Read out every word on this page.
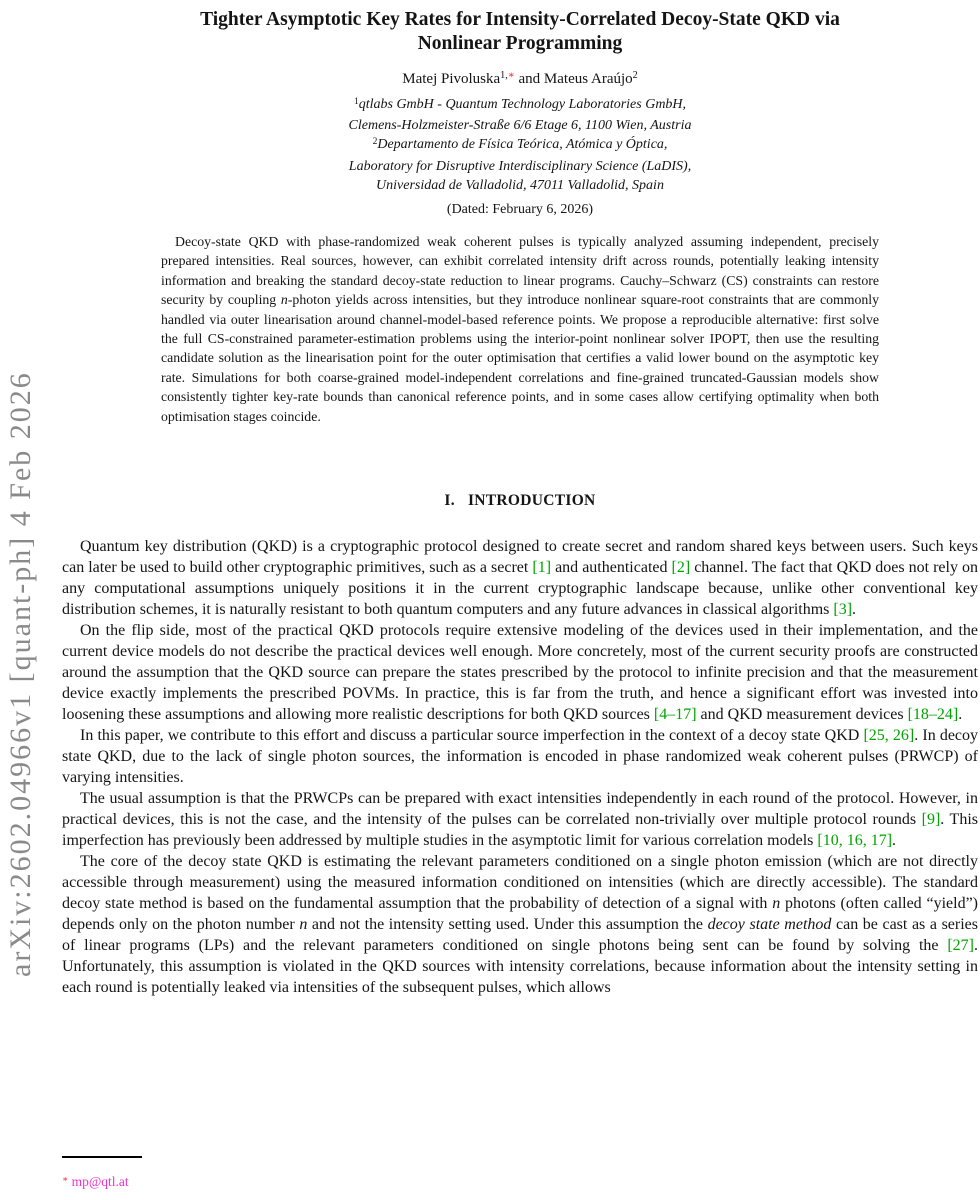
arXiv:2602.04966v1 [quant-ph] 4 Feb 2026
Tighter Asymptotic Key Rates for Intensity-Correlated Decoy-State QKD via
Nonlinear Programming
Matej Pivoluska$^{1,∗}$ and Mateus Araújo$^2$
$^1$qtlabs GmbH - Quantum Technology Laboratories GmbH,
Clemens-Holzmeister-Straße 6/6 Etage 6, 1100 Wien, Austria
$^2$Departamento de Física Teórica, Atómica y Óptica,
Laboratory for Disruptive Interdisciplinary Science (LaDIS),
Universidad de Valladolid, 47011 Valladolid, Spain
(Dated: February 6, 2026)
Decoy-state QKD with phase-randomized weak coherent pulses is typically analyzed assuming independent, precisely prepared intensities. Real sources, however, can exhibit correlated intensity drift across rounds, potentially leaking intensity information and breaking the standard decoy-state reduction to linear programs. Cauchy–Schwarz (CS) constraints can restore security by coupling n-photon yields across intensities, but they introduce nonlinear square-root constraints that are commonly handled via outer linearisation around channel-model-based reference points. We propose a reproducible alternative: first solve the full CS-constrained parameter-estimation problems using the interior-point nonlinear solver IPOPT, then use the resulting candidate solution as the linearisation point for the outer optimisation that certifies a valid lower bound on the asymptotic key rate. Simulations for both coarse-grained model-independent correlations and fine-grained truncated-Gaussian models show consistently tighter key-rate bounds than canonical reference points, and in some cases allow certifying optimality when both optimisation stages coincide.
I. INTRODUCTION

Quantum key distribution (QKD) is a cryptographic protocol designed to create secret and random shared keys between users. Such keys can later be used to build other cryptographic primitives, such as a secret [1] and authenticated [2] channel. The fact that QKD does not rely on any computational assumptions uniquely positions it in the current cryptographic landscape because, unlike other conventional key distribution schemes, it is naturally resistant to both quantum computers and any future advances in classical algorithms [3].

On the flip side, most of the practical QKD protocols require extensive modeling of the devices used in their implementation, and the current device models do not describe the practical devices well enough. More concretely, most of the current security proofs are constructed around the assumption that the QKD source can prepare the states prescribed by the protocol to infinite precision and that the measurement device exactly implements the prescribed POVMs. In practice, this is far from the truth, and hence a significant effort was invested into loosening these assumptions and allowing more realistic descriptions for both QKD sources [4–17] and QKD measurement devices [18–24].

In this paper, we contribute to this effort and discuss a particular source imperfection in the context of a decoy state QKD [25, 26]. In decoy state QKD, due to the lack of single photon sources, the information is encoded in phase randomized weak coherent pulses (PRWCP) of varying intensities.

The usual assumption is that the PRWCPs can be prepared with exact intensities independently in each round of the protocol. However, in practical devices, this is not the case, and the intensity of the pulses can be correlated non-trivially over multiple protocol rounds [9]. This imperfection has previously been addressed by multiple studies in the asymptotic limit for various correlation models [10, 16, 17].

The core of the decoy state QKD is estimating the relevant parameters conditioned on a single photon emission (which are not directly accessible through measurement) using the measured information conditioned on intensities (which are directly accessible). The standard decoy state method is based on the fundamental assumption that the probability of detection of a signal with n photons (often called “yield”) depends only on the photon number n and not the intensity setting used. Under this assumption the decoy state method can be cast as a series of linear programs (LPs) and the relevant parameters conditioned on single photons being sent can be found by solving the [27]. Unfortunately, this assumption is violated in the QKD sources with intensity correlations, because information about the intensity setting in each round is potentially leaked via intensities of the subsequent pulses, which allows

∗ mp@qtl.at
